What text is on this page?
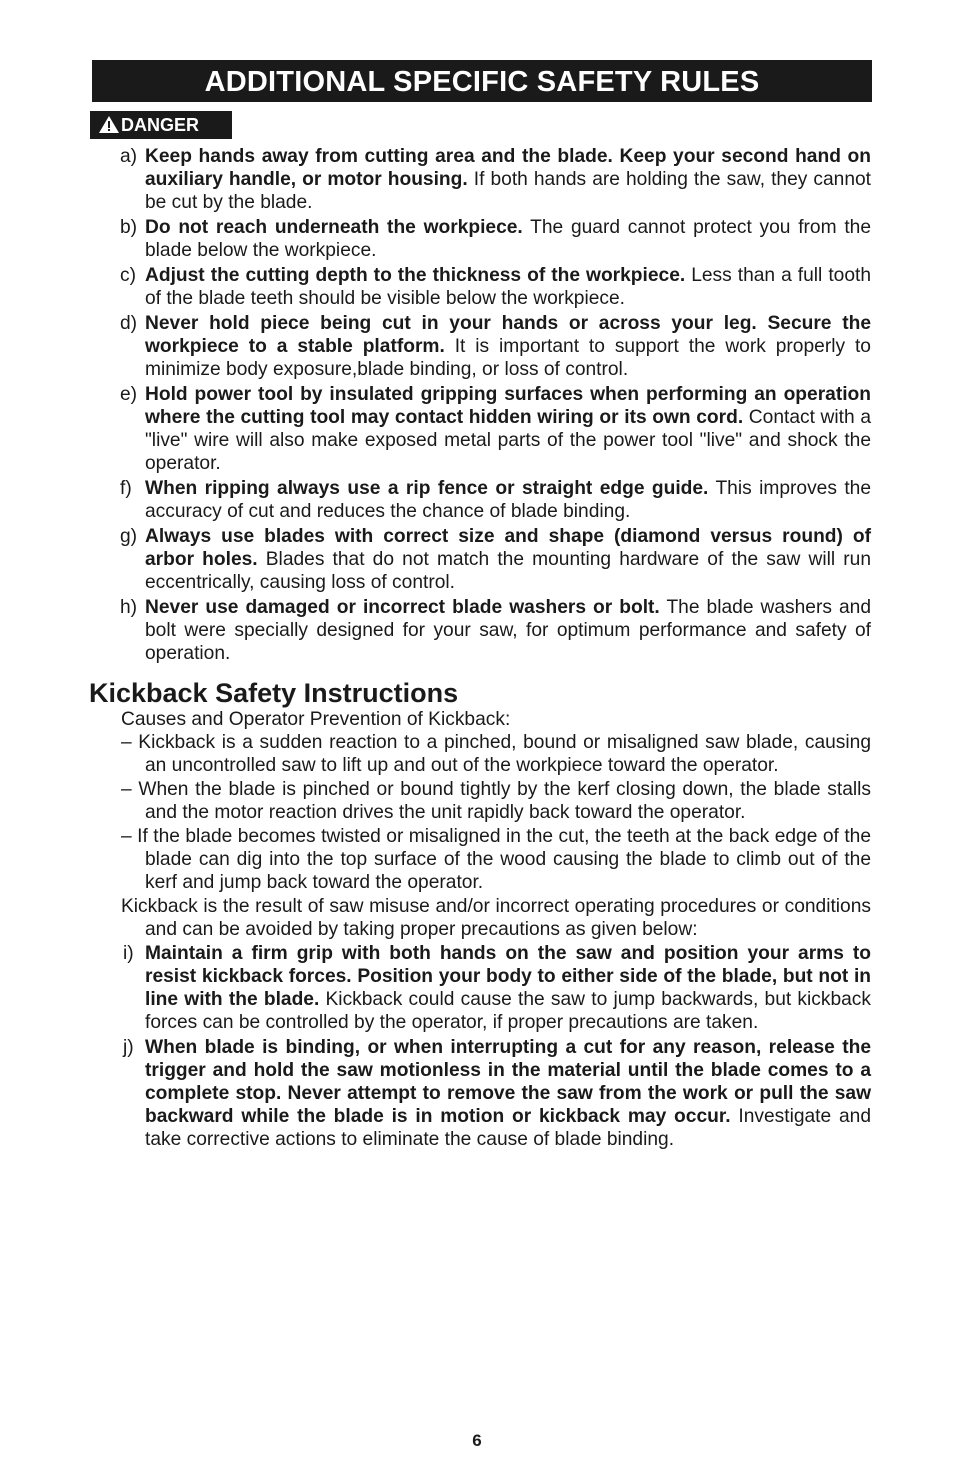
ADDITIONAL SPECIFIC SAFETY RULES
DANGER
a) Keep hands away from cutting area and the blade. Keep your second hand on auxiliary handle, or motor housing. If both hands are holding the saw, they cannot be cut by the blade.
b) Do not reach underneath the workpiece. The guard cannot protect you from the blade below the workpiece.
c) Adjust the cutting depth to the thickness of the workpiece. Less than a full tooth of the blade teeth should be visible below the workpiece.
d) Never hold piece being cut in your hands or across your leg. Secure the workpiece to a stable platform. It is important to support the work properly to minimize body exposure,blade binding, or loss of control.
e) Hold power tool by insulated gripping surfaces when performing an operation where the cutting tool may contact hidden wiring or its own cord. Contact with a "live" wire will also make exposed metal parts of the power tool "live" and shock the operator.
f) When ripping always use a rip fence or straight edge guide. This improves the accuracy of cut and reduces the chance of blade binding.
g) Always use blades with correct size and shape (diamond versus round) of arbor holes. Blades that do not match the mounting hardware of the saw will run eccentrically, causing loss of control.
h) Never use damaged or incorrect blade washers or bolt. The blade washers and bolt were specially designed for your saw, for optimum performance and safety of operation.
Kickback Safety Instructions
Causes and Operator Prevention of Kickback:
– Kickback is a sudden reaction to a pinched, bound or misaligned saw blade, causing an uncontrolled saw to lift up and out of the workpiece toward the operator.
– When the blade is pinched or bound tightly by the kerf closing down, the blade stalls and the motor reaction drives the unit rapidly back toward the operator.
– If the blade becomes twisted or misaligned in the cut, the teeth at the back edge of the blade can dig into the top surface of the wood causing the blade to climb out of the kerf and jump back toward the operator.
Kickback is the result of saw misuse and/or incorrect operating procedures or conditions and can be avoided by taking proper precautions as given below:
i) Maintain a firm grip with both hands on the saw and position your arms to resist kickback forces. Position your body to either side of the blade, but not in line with the blade. Kickback could cause the saw to jump backwards, but kickback forces can be controlled by the operator, if proper precautions are taken.
j) When blade is binding, or when interrupting a cut for any reason, release the trigger and hold the saw motionless in the material until the blade comes to a complete stop. Never attempt to remove the saw from the work or pull the saw backward while the blade is in motion or kickback may occur. Investigate and take corrective actions to eliminate the cause of blade binding.
6
